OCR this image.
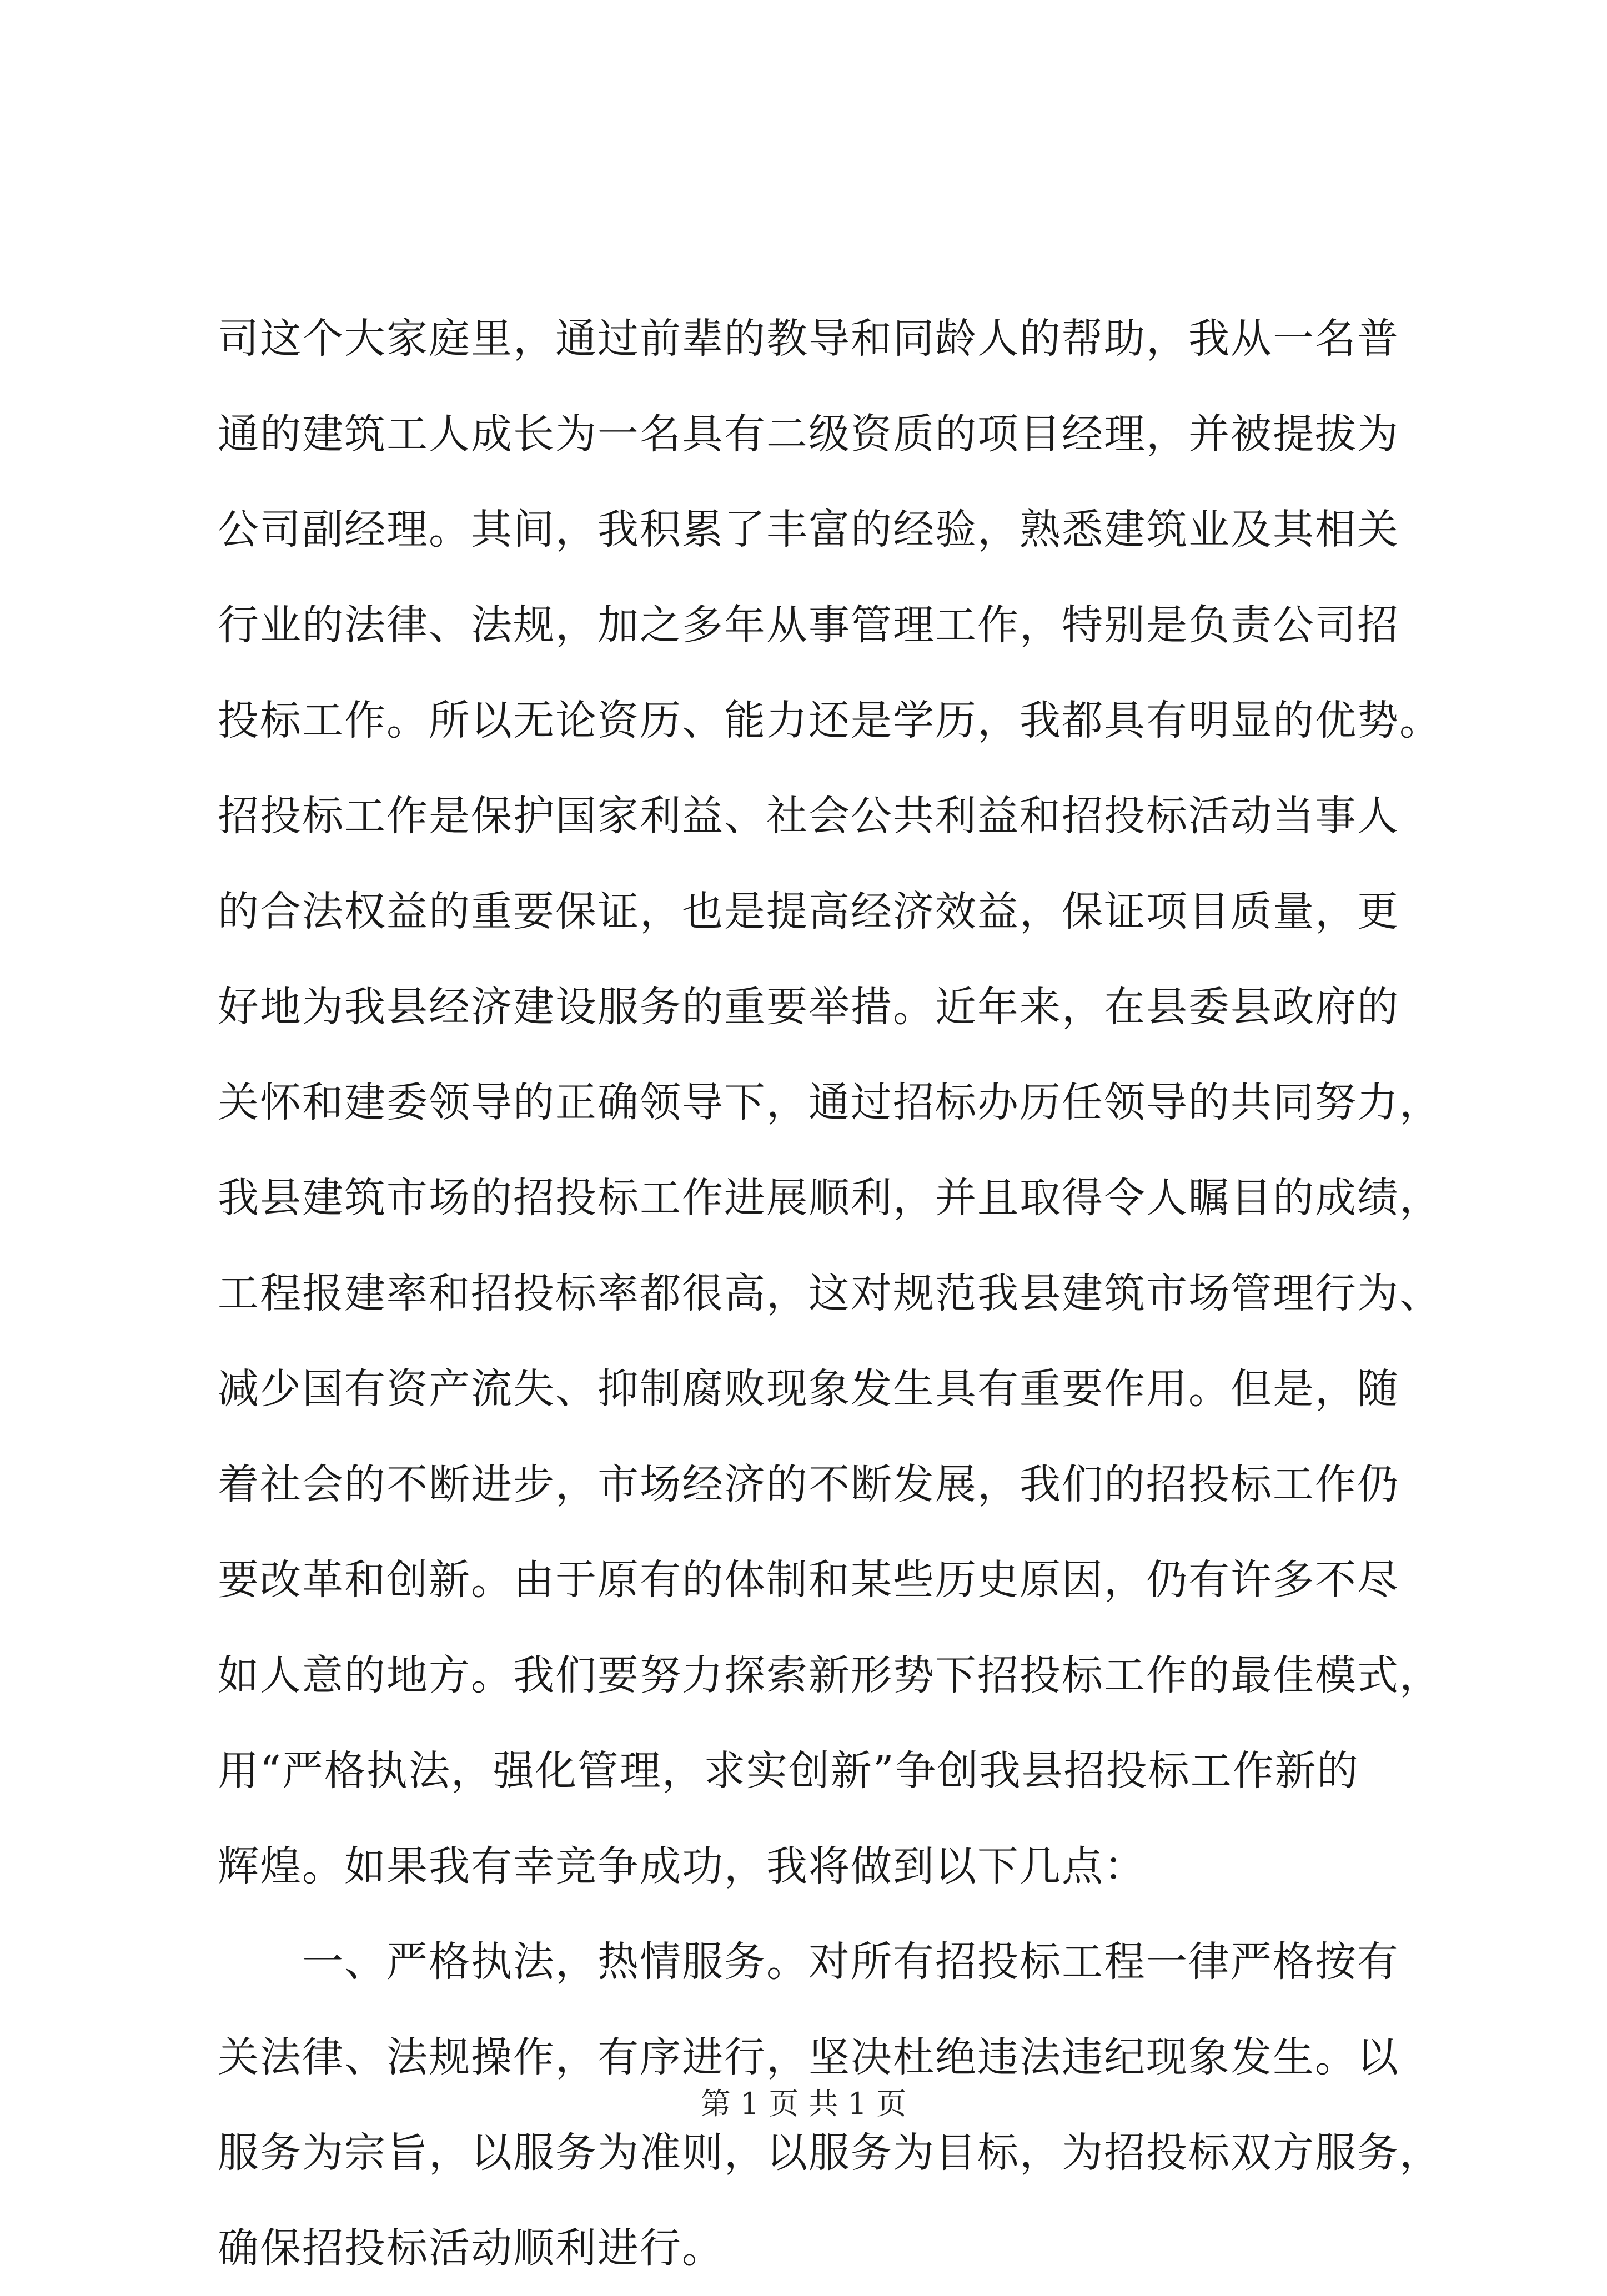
司这个大家庭里，通过前辈的教导和同龄人的帮助，我从一名普
通的建筑工人成长为一名具有二级资质的项目经理，并被提拔为
公司副经理。其间，我积累了丰富的经验，熟悉建筑业及其相关
行业的法律、法规，加之多年从事管理工作，特别是负责公司招
投标工作。所以无论资历、能力还是学历，我都具有明显的优势。
招投标工作是保护国家利益、社会公共利益和招投标活动当事人
的合法权益的重要保证，也是提高经济效益，保证项目质量，更
好地为我县经济建设服务的重要举措。近年来，在县委县政府的
关怀和建委领导的正确领导下，通过招标办历任领导的共同努力，
我县建筑市场的招投标工作进展顺利，并且取得令人瞩目的成绩，
工程报建率和招投标率都很高，这对规范我县建筑市场管理行为、
减少国有资产流失、抑制腐败现象发生具有重要作用。但是，随
着社会的不断进步，市场经济的不断发展，我们的招投标工作仍
要改革和创新。由于原有的体制和某些历史原因，仍有许多不尽
如人意的地方。我们要努力探索新形势下招投标工作的最佳模式，
用“严格执法，强化管理，求实创新”争创我县招投标工作新的
辉煌。如果我有幸竞争成功，我将做到以下几点：
一、严格执法，热情服务。对所有招投标工程一律严格按有
关法律、法规操作，有序进行，坚决杜绝违法违纪现象发生。以
服务为宗旨，以服务为准则，以服务为目标，为招投标双方服务，
确保招投标活动顺利进行。
第 1 页 共 1 页
